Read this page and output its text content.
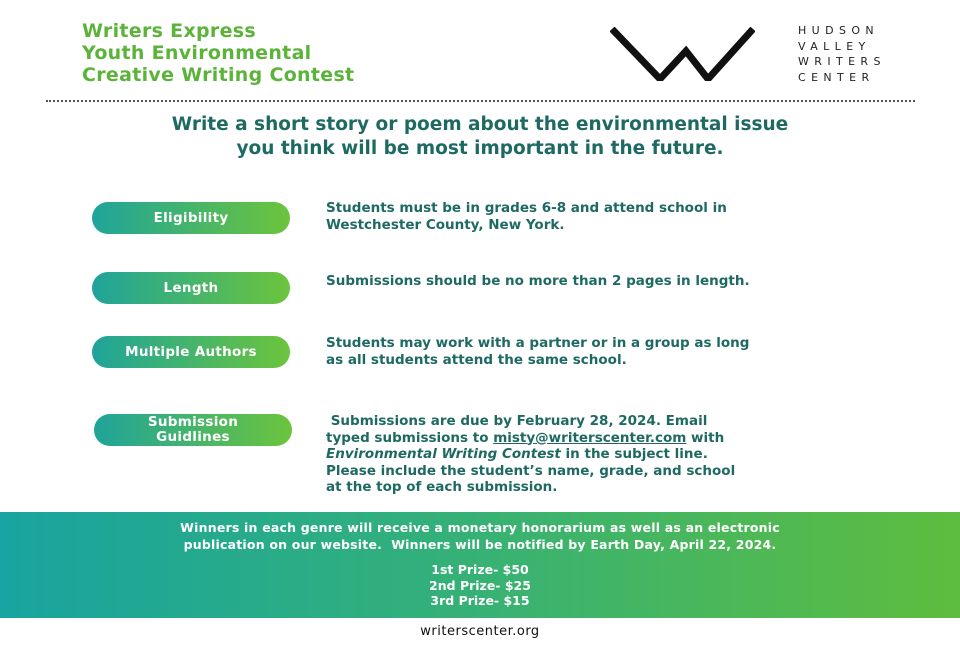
Writers Express
Youth Environmental
Creative Writing Contest
HUDSON
VALLEY
WRITERS
CENTER
Write a short story or poem about the environmental issue
you think will be most important in the future.
Eligibility
Students must be in grades 6-8 and attend school in
Westchester County, New York.
Length	Submissions should be no more than 2 pages in length.
Multiple Authors
Students may work with a partner or in a group as long
as all students attend the same school.
Submission
Guidlines
Submissions are due by February 28, 2024. Email
typed submissions to misty@writerscenter.com with
Environmental Writing Contest in the subject line.
Please include the student’s name, grade, and school
at the top of each submission.
Winners in each genre will receive a monetary honorarium as well as an electronic
publication on our website.  Winners will be notified by Earth Day, April 22, 2024.
1st Prize- $50
2nd Prize- $25
3rd Prize- $15
writerscenter.org
